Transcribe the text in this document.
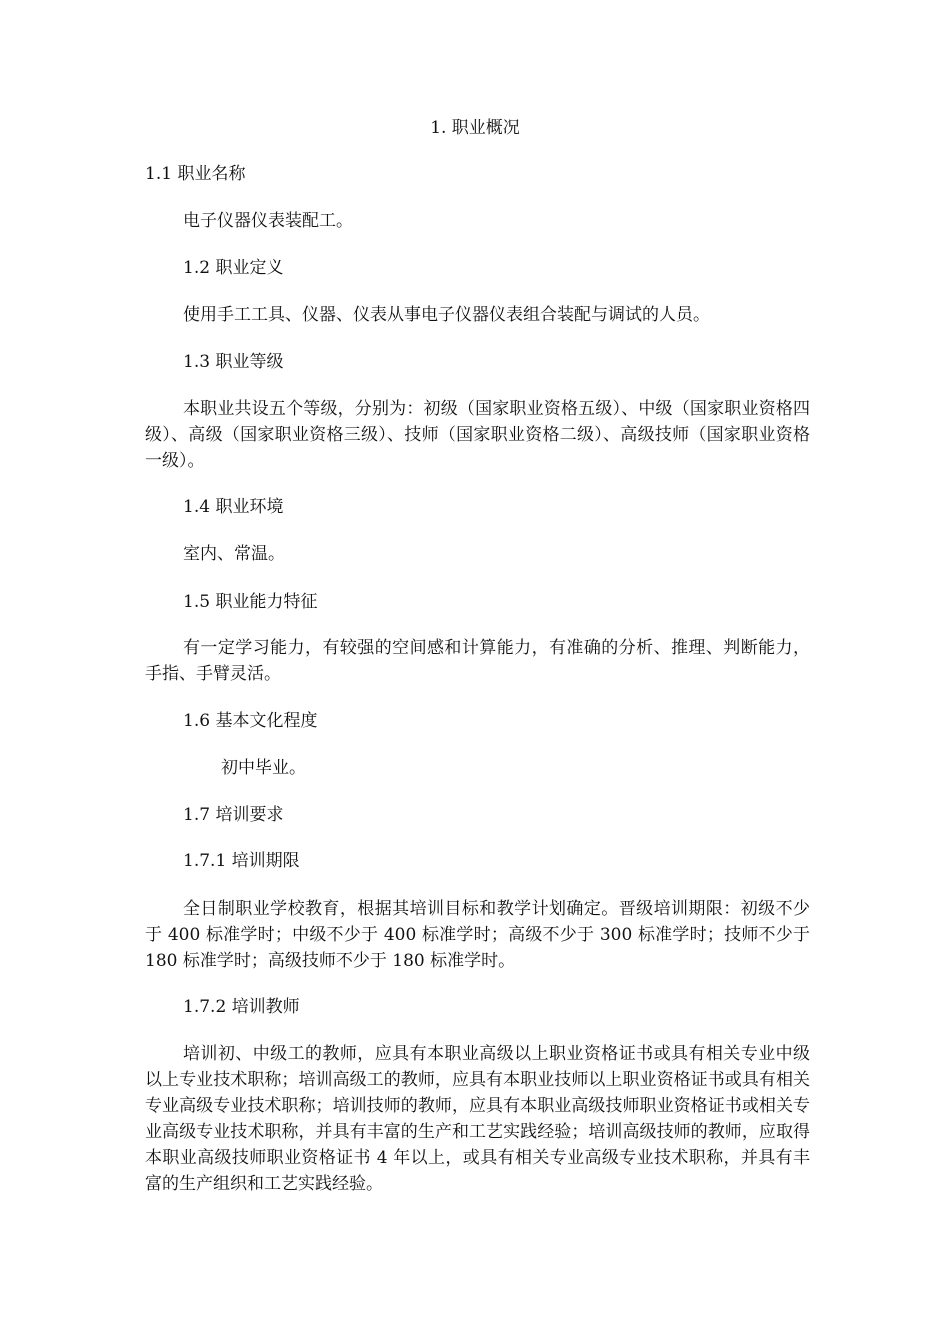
1. 职业概况
1.1 职业名称
电子仪器仪表装配工。
1.2 职业定义
使用手工工具、仪器、仪表从事电子仪器仪表组合装配与调试的人员。
1.3 职业等级
本职业共设五个等级，分别为：初级（国家职业资格五级）、中级（国家职业资格四级）、高级（国家职业资格三级）、技师（国家职业资格二级）、高级技师（国家职业资格一级）。
1.4 职业环境
室内、常温。
1.5 职业能力特征
有一定学习能力，有较强的空间感和计算能力，有准确的分析、推理、判断能力，手指、手臂灵活。
1.6 基本文化程度
初中毕业。
1.7 培训要求
1.7.1 培训期限
全日制职业学校教育，根据其培训目标和教学计划确定。晋级培训期限：初级不少于 400 标准学时；中级不少于 400 标准学时；高级不少于 300 标准学时；技师不少于 180 标准学时；高级技师不少于 180 标准学时。
1.7.2 培训教师
培训初、中级工的教师，应具有本职业高级以上职业资格证书或具有相关专业中级以上专业技术职称；培训高级工的教师，应具有本职业技师以上职业资格证书或具有相关专业高级专业技术职称；培训技师的教师，应具有本职业高级技师职业资格证书或相关专业高级专业技术职称，并具有丰富的生产和工艺实践经验；培训高级技师的教师，应取得本职业高级技师职业资格证书 4 年以上，或具有相关专业高级专业技术职称，并具有丰富的生产组织和工艺实践经验。
